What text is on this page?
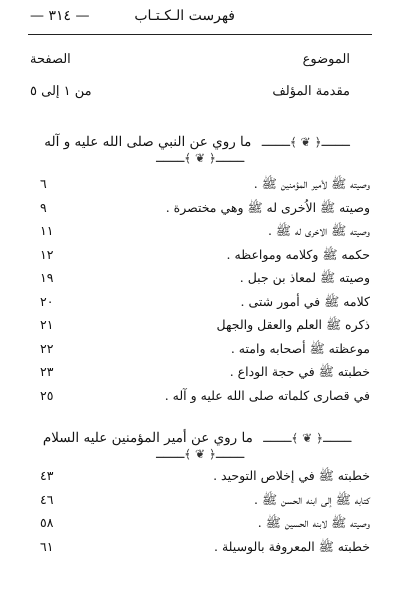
فهرست الـكـتـاب
— ٣١٤ —
الموضوع
الصفحة
مقدمة المؤلف
من ١ إلى ٥
ــــ﴿ ❦ ﴾ــــ ما روي عن النبي صلى الله عليه و آله ــــ﴿ ❦ ﴾ــــ
وصيته ﷺ لأمير المؤمنين ﷺ .
٦
وصيته ﷺ الاُخرى له ﷺ وهي مختصرة .
٩
وصيته ﷺ الاخرى له ﷺ .
١١
حكمه ﷺ وكلامه ومواعظه .
١٢
وصيته ﷺ لمعاذ بن جبل .
١٩
كلامه ﷺ في أمور شتى .
٢٠
ذكره ﷺ العلم والعقل والجهل
٢١
موعظته ﷺ أصحابه وامته .
٢٢
خطبته ﷺ في حجة الوداع .
٢٣
في قصارى كلماته صلى الله عليه و آله .
٢٥
ــــ﴿ ❦ ﴾ــــ ما روي عن أمير المؤمنين عليه السلام ــــ﴿ ❦ ﴾ــــ
خطبته ﷺ في إخلاص التوحيد .
٤٣
كتابه ﷺ إلى ابنه الحسن ﷺ .
٤٦
وصيته ﷺ لابنه الحسين ﷺ .
٥٨
خطبته ﷺ المعروفة بالوسيلة .
٦١
